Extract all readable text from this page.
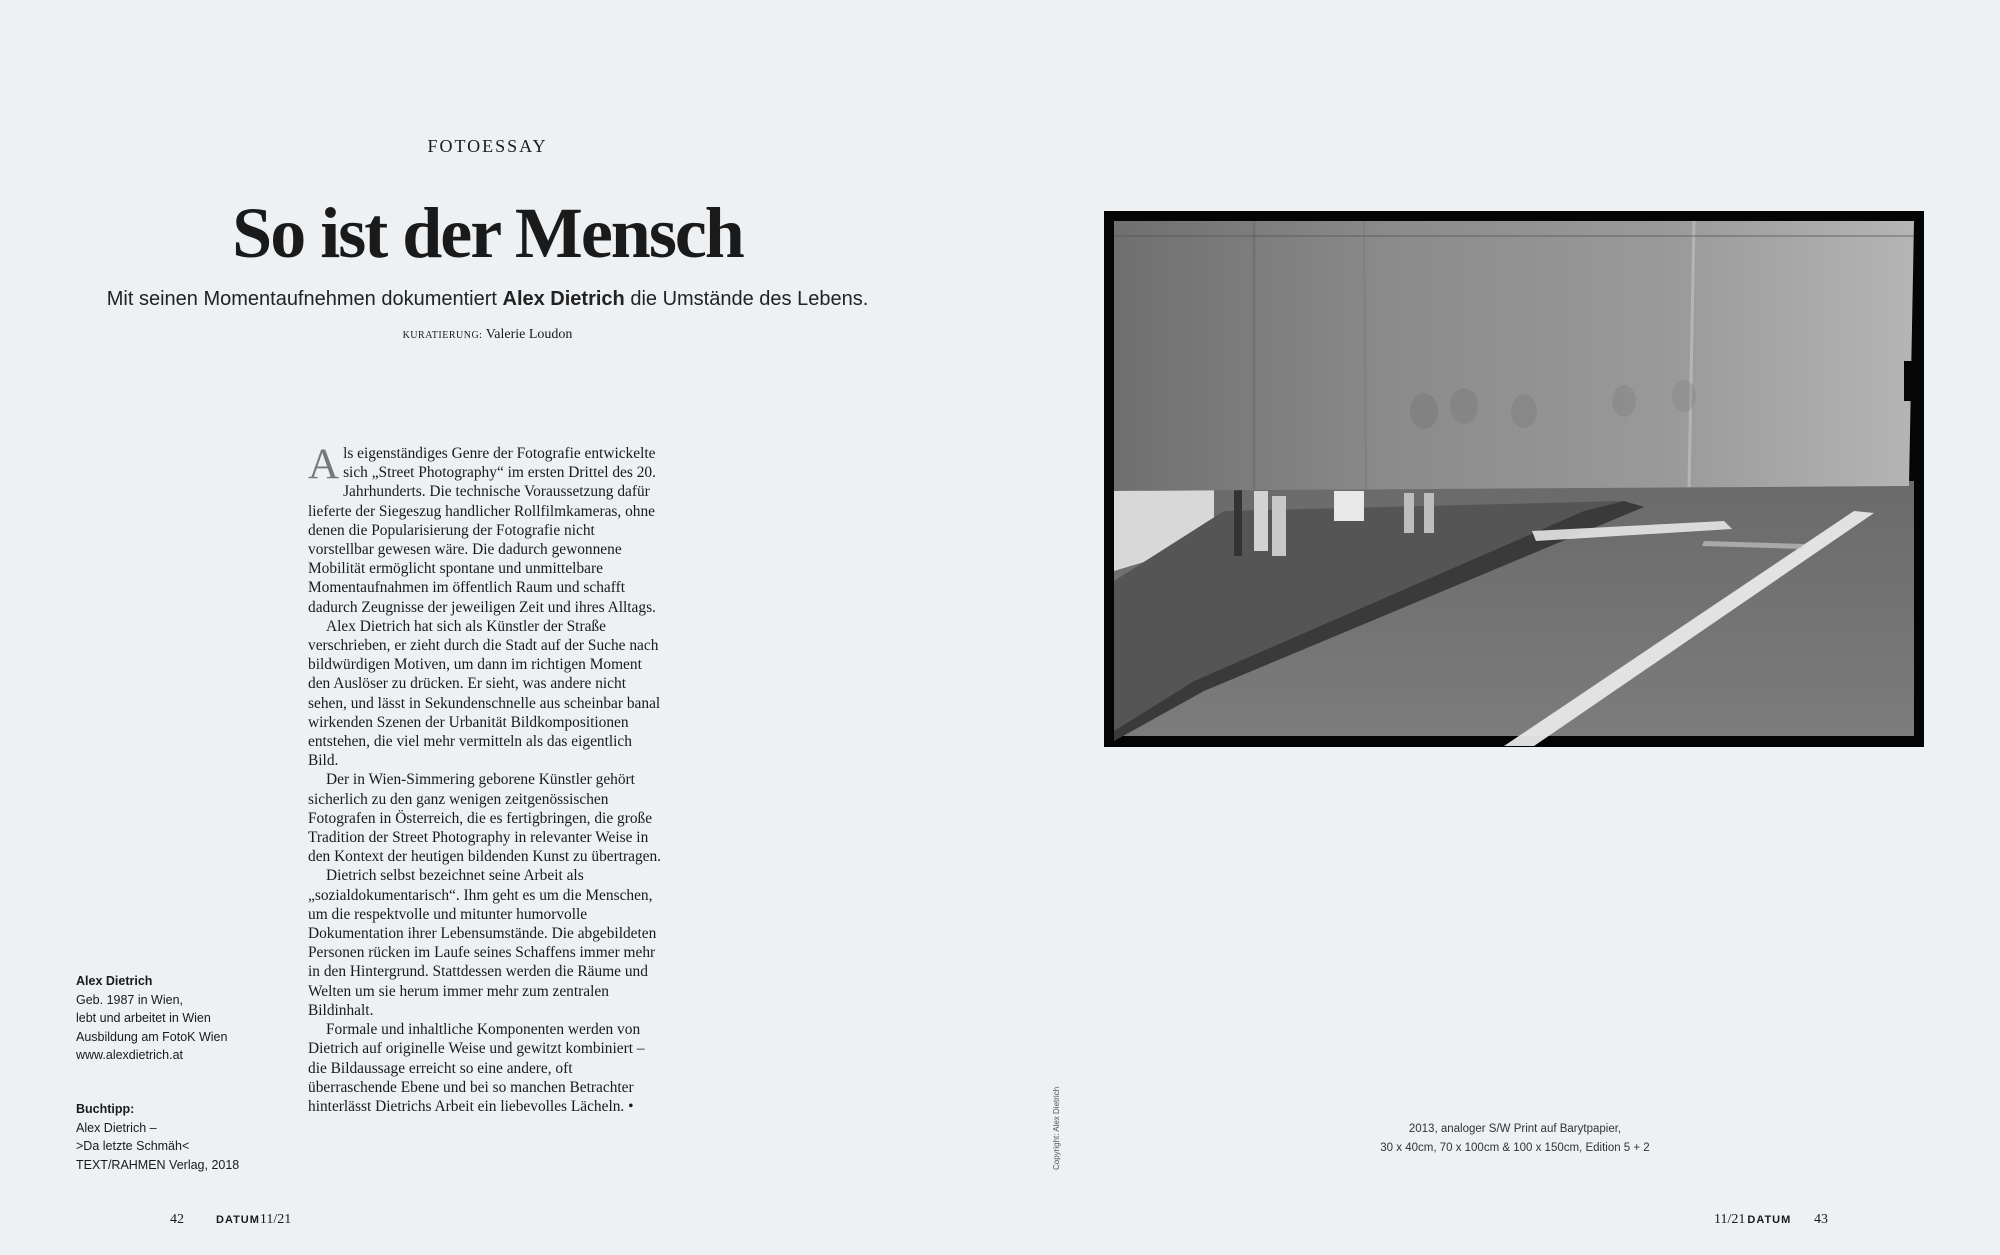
FOTOESSAY
So ist der Mensch
Mit seinen Momentaufnehmen dokumentiert Alex Dietrich die Umstände des Lebens.
KURATIERUNG: Valerie Loudon

Als eigenständiges Genre der Fotografie entwickelte sich „Street Photography“ im ersten Drittel des 20. Jahrhunderts. Die technische Voraussetzung dafür lieferte der Siegeszug handlicher Rollfilmkameras, ohne denen die Popularisierung der Fotografie nicht vorstellbar gewesen wäre. Die dadurch gewonnene Mobilität ermöglicht spontane und unmittelbare Momentaufnahmen im öffentlich Raum und schafft dadurch Zeugnisse der jeweiligen Zeit und ihres Alltags.

Alex Dietrich hat sich als Künstler der Straße verschrieben, er zieht durch die Stadt auf der Suche nach bildwürdigen Motiven, um dann im richtigen Moment den Auslöser zu drücken. Er sieht, was andere nicht sehen, und lässt in Sekundenschnelle aus scheinbar banal wirkenden Szenen der Urbanität Bildkompositionen entstehen, die viel mehr vermitteln als das eigentlich Bild.

Der in Wien-Simmering geborene Künstler gehört sicherlich zu den ganz wenigen zeitgenössischen Fotografen in Österreich, die es fertigbringen, die große Tradition der Street Photography in relevanter Weise in den Kontext der heutigen bildenden Kunst zu übertragen.

Dietrich selbst bezeichnet seine Arbeit als „sozialdokumentarisch“. Ihm geht es um die Menschen, um die respektvolle und mitunter humorvolle Dokumentation ihrer Lebensumstände. Die abgebildeten Personen rücken im Laufe seines Schaffens immer mehr in den Hintergrund. Stattdessen werden die Räume und Welten um sie herum immer mehr zum zentralen Bildinhalt.

Formale und inhaltliche Komponenten werden von Dietrich auf originelle Weise und gewitzt kombiniert – die Bildaussage erreicht so eine andere, oft überraschende Ebene und bei so manchen Betrachter hinterlässt Dietrichs Arbeit ein liebevolles Lächeln. •

Alex Dietrich
Geb. 1987 in Wien,
lebt und arbeitet in Wien
Ausbildung am FotoK Wien
www.alexdietrich.at
Buchtipp:
Alex Dietrich –
>Da letzte Schmäh<
TEXT/RAHMEN Verlag, 2018
42	DATUM11/21
Copyright: Alex Dietrich	2013, analoger S/W Print auf Barytpapier,
30 x 40cm, 70 x 100cm & 100 x 150cm, Edition 5 + 2
11/21 DATUM 43
